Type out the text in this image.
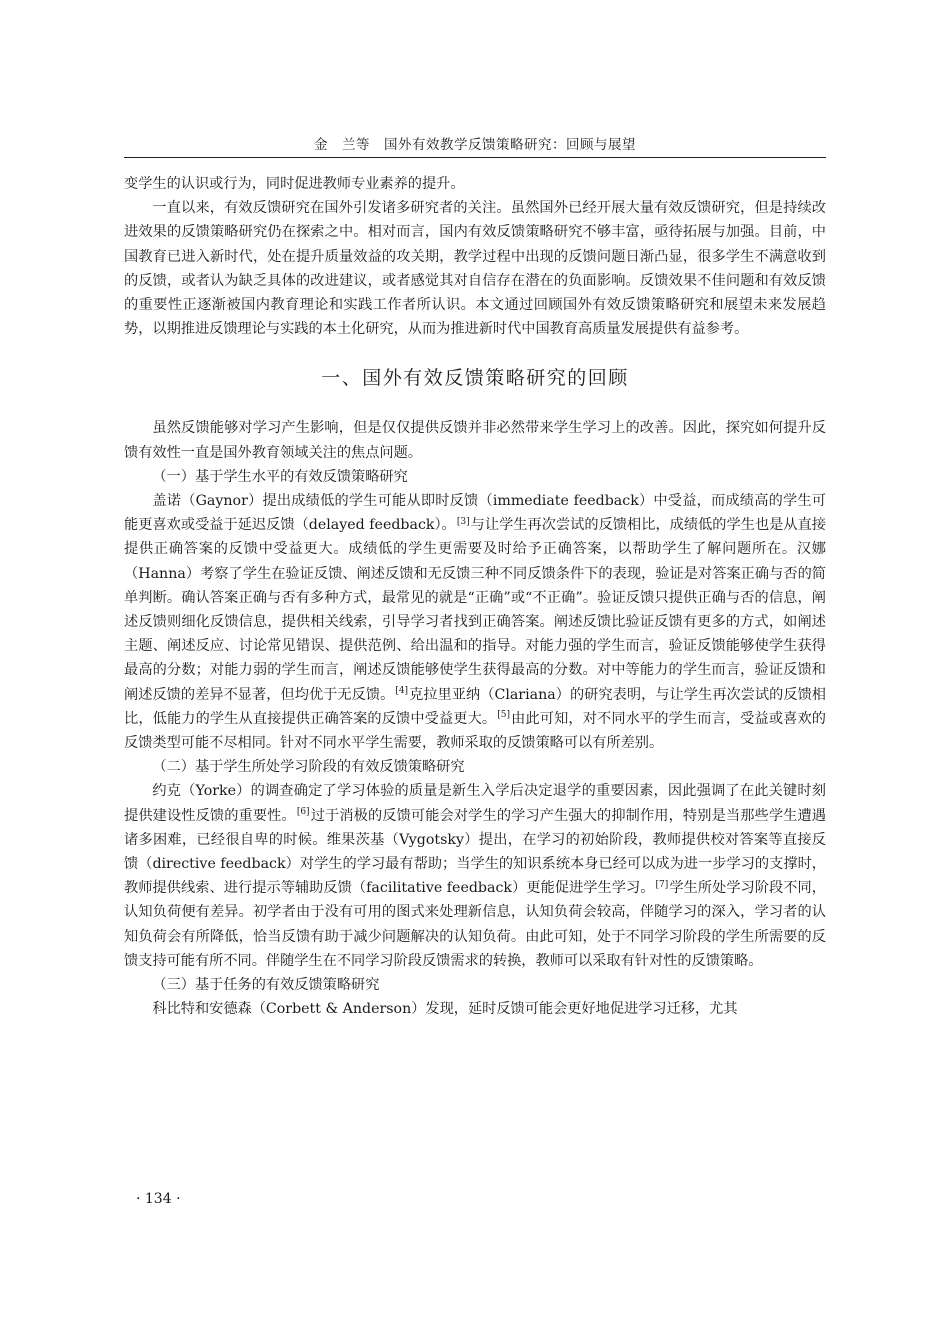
金　兰等 国外有效教学反馈策略研究：回顾与展望

变学生的认识或行为，同时促进教师专业素养的提升。

一直以来，有效反馈研究在国外引发诸多研究者的关注。虽然国外已经开展大量有效反馈研究，但是持续改进效果的反馈策略研究仍在探索之中。相对而言，国内有效反馈策略研究不够丰富，亟待拓展与加强。目前，中国教育已进入新时代，处在提升质量效益的攻关期，教学过程中出现的反馈问题日渐凸显，很多学生不满意收到的反馈，或者认为缺乏具体的改进建议，或者感觉其对自信存在潜在的负面影响。反馈效果不佳问题和有效反馈的重要性正逐渐被国内教育理论和实践工作者所认识。本文通过回顾国外有效反馈策略研究和展望未来发展趋势，以期推进反馈理论与实践的本土化研究，从而为推进新时代中国教育高质量发展提供有益参考。

一、国外有效反馈策略研究的回顾

虽然反馈能够对学习产生影响，但是仅仅提供反馈并非必然带来学生学习上的改善。因此，探究如何提升反馈有效性一直是国外教育领域关注的焦点问题。

（一）基于学生水平的有效反馈策略研究

盖诺（Gaynor）提出成绩低的学生可能从即时反馈（immediate feedback）中受益，而成绩高的学生可能更喜欢或受益于延迟反馈（delayed feedback）。[3]与让学生再次尝试的反馈相比，成绩低的学生也是从直接提供正确答案的反馈中受益更大。成绩低的学生更需要及时给予正确答案，以帮助学生了解问题所在。汉娜（Hanna）考察了学生在验证反馈、阐述反馈和无反馈三种不同反馈条件下的表现，验证是对答案正确与否的简单判断。确认答案正确与否有多种方式，最常见的就是“正确”或“不正确”。验证反馈只提供正确与否的信息，阐述反馈则细化反馈信息，提供相关线索，引导学习者找到正确答案。阐述反馈比验证反馈有更多的方式，如阐述主题、阐述反应、讨论常见错误、提供范例、给出温和的指导。对能力强的学生而言，验证反馈能够使学生获得最高的分数；对能力弱的学生而言，阐述反馈能够使学生获得最高的分数。对中等能力的学生而言，验证反馈和阐述反馈的差异不显著，但均优于无反馈。[4]克拉里亚纳（Clariana）的研究表明，与让学生再次尝试的反馈相比，低能力的学生从直接提供正确答案的反馈中受益更大。[5]由此可知，对不同水平的学生而言，受益或喜欢的反馈类型可能不尽相同。针对不同水平学生需要，教师采取的反馈策略可以有所差别。

（二）基于学生所处学习阶段的有效反馈策略研究

约克（Yorke）的调查确定了学习体验的质量是新生入学后决定退学的重要因素，因此强调了在此关键时刻提供建设性反馈的重要性。[6]过于消极的反馈可能会对学生的学习产生强大的抑制作用，特别是当那些学生遭遇诸多困难，已经很自卑的时候。维果茨基（Vygotsky）提出，在学习的初始阶段，教师提供校对答案等直接反馈（directive feedback）对学生的学习最有帮助；当学生的知识系统本身已经可以成为进一步学习的支撑时，教师提供线索、进行提示等辅助反馈（facilitative feedback）更能促进学生学习。[7]学生所处学习阶段不同，认知负荷便有差异。初学者由于没有可用的图式来处理新信息，认知负荷会较高，伴随学习的深入，学习者的认知负荷会有所降低，恰当反馈有助于减少问题解决的认知负荷。由此可知，处于不同学习阶段的学生所需要的反馈支持可能有所不同。伴随学生在不同学习阶段反馈需求的转换，教师可以采取有针对性的反馈策略。

（三）基于任务的有效反馈策略研究

科比特和安德森（Corbett & Anderson）发现，延时反馈可能会更好地促进学习迁移，尤其

· 134 ·
